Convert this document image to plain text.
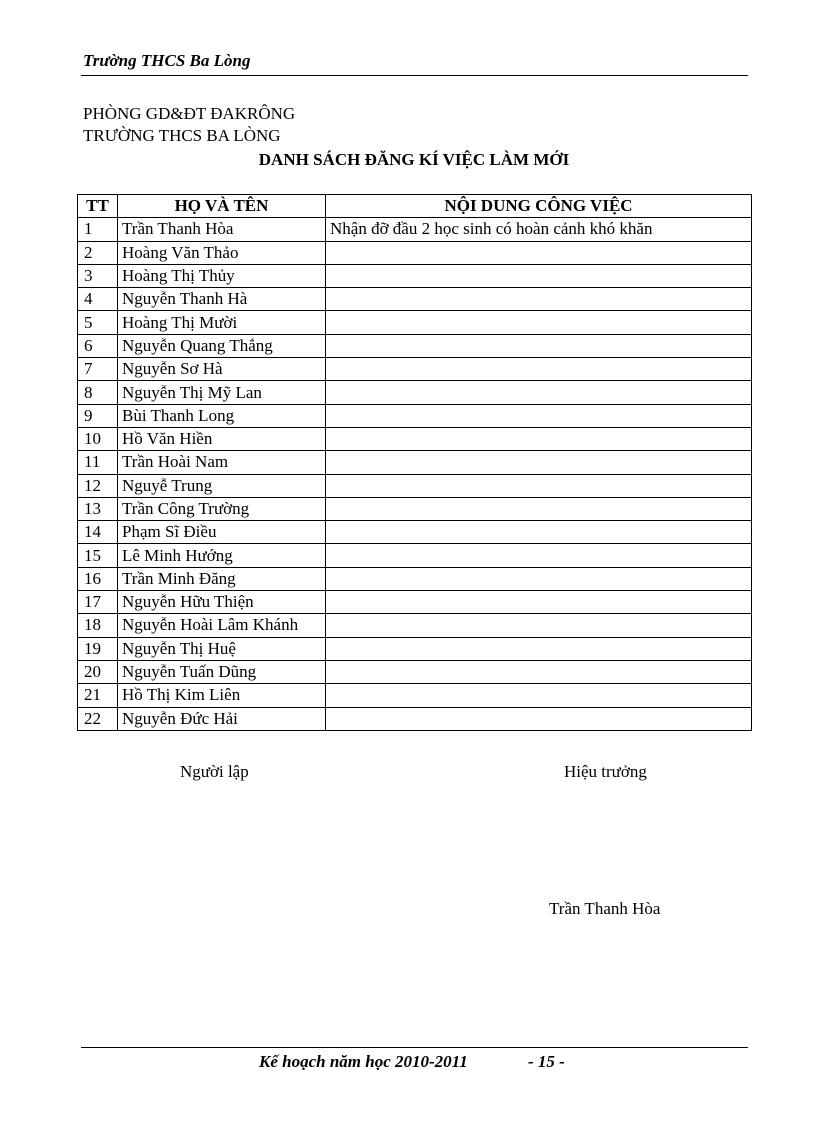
Trường THCS Ba Lòng
PHÒNG GD&ĐT ĐAKRÔNG
TRƯỜNG THCS BA LÒNG
DANH SÁCH ĐĂNG KÍ VIỆC LÀM MỚI
TT	HỌ VÀ TÊN	NỘI DUNG CÔNG VIỆC
1	Trần Thanh Hòa	Nhận đỡ đầu 2 học sinh có hoàn cảnh khó khăn
2	Hoàng Văn Thảo	
3	Hoàng Thị Thủy	
4	Nguyễn Thanh Hà	
5	Hoàng Thị Mười	
6	Nguyễn Quang Thắng	
7	Nguyễn Sơ Hà	
8	Nguyễn Thị Mỹ Lan	
9	Bùi Thanh Long	
10	Hồ Văn Hiền	
11	Trần Hoài Nam	
12	Nguyễ Trung	
13	Trần Công Trường	
14	Phạm Sĩ Điều	
15	Lê Minh Hướng	
16	Trần Minh Đăng	
17	Nguyễn Hữu Thiện	
18	Nguyễn Hoài Lâm Khánh	
19	Nguyễn Thị Huệ	
20	Nguyễn Tuấn Dũng	
21	Hồ Thị Kim Liên	
22	Nguyễn Đức Hải	
Người lập	Hiệu trưởng
Trần Thanh Hòa
Kế hoạch năm học 2010-2011	- 15 -
